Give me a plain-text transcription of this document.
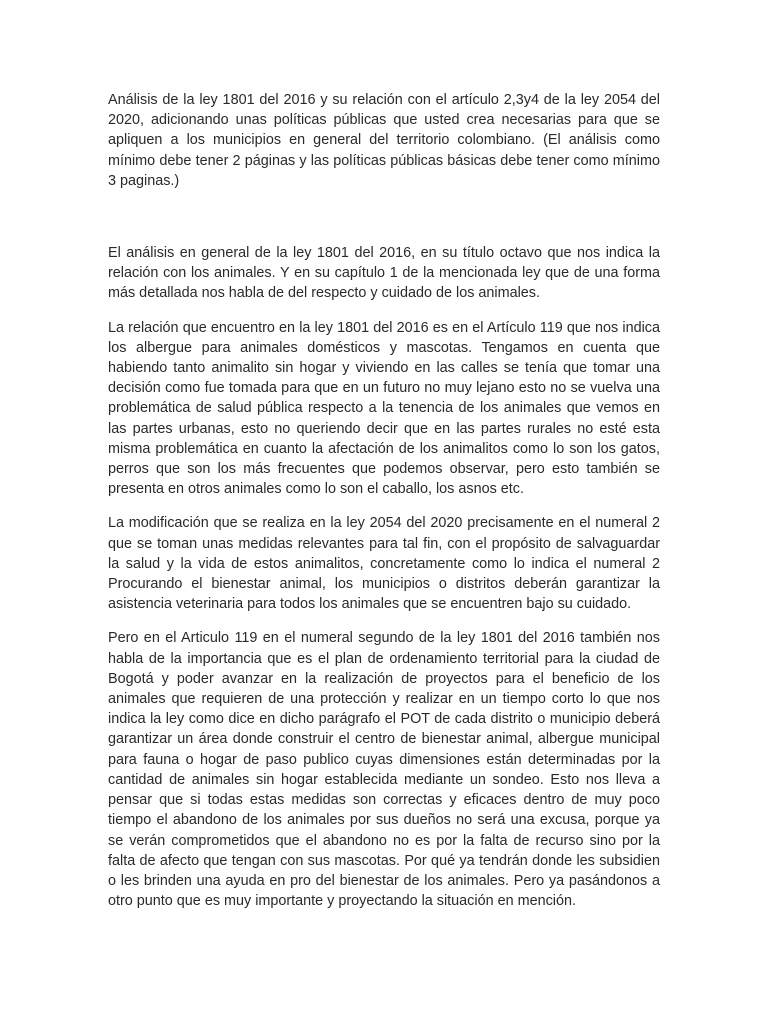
Análisis de la ley 1801 del 2016 y su relación con el artículo 2,3y4 de la ley 2054 del 2020, adicionando unas políticas públicas que usted crea necesarias para que se apliquen a los municipios en general del territorio colombiano. (El análisis como mínimo debe tener 2 páginas y las políticas públicas básicas debe tener como mínimo 3 paginas.)

El análisis en general de la ley 1801 del 2016, en su título octavo que nos indica la relación con los animales. Y en su capítulo 1 de la mencionada ley que de una forma más detallada nos habla de del respecto y cuidado de los animales.

La relación que encuentro en la ley 1801 del 2016 es en el Artículo 119 que nos indica los albergue para animales domésticos y mascotas. Tengamos en cuenta que habiendo tanto animalito sin hogar y viviendo en las calles se tenía que tomar una decisión como fue tomada para que en un futuro no muy lejano esto no se vuelva una problemática de salud pública respecto a la tenencia de los animales que vemos en las partes urbanas, esto no queriendo decir que en las partes rurales no esté esta misma problemática en cuanto la afectación de los animalitos como lo son los gatos, perros que son los más frecuentes que podemos observar, pero esto también se presenta en otros animales como lo son el caballo, los asnos etc.

La modificación que se realiza en la ley 2054 del 2020 precisamente en el numeral 2 que se toman unas medidas relevantes para tal fin, con el propósito de salvaguardar la salud y la vida de estos animalitos, concretamente como lo indica el numeral 2 Procurando el bienestar animal, los municipios o distritos deberán garantizar la asistencia veterinaria para todos los animales que se encuentren bajo su cuidado.

Pero en el Articulo 119 en el numeral segundo de la ley 1801 del 2016 también nos habla de la importancia que es el plan de ordenamiento territorial para la ciudad de Bogotá y poder avanzar en la realización de proyectos para el beneficio de los animales que requieren de una protección y realizar en un tiempo corto lo que nos indica la ley como dice en dicho parágrafo el POT de cada distrito o municipio deberá garantizar un área donde construir el centro de bienestar animal, albergue municipal para fauna o hogar de paso publico cuyas dimensiones están determinadas por la cantidad de animales sin hogar establecida mediante un sondeo. Esto nos lleva a pensar que si todas estas medidas son correctas y eficaces dentro de muy poco tiempo el abandono de los animales por sus dueños no será una excusa, porque ya se verán comprometidos que el abandono no es por la falta de recurso sino por la falta de afecto que tengan con sus mascotas. Por qué ya tendrán donde les subsidien o les brinden una ayuda en pro del bienestar de los animales. Pero ya pasándonos a otro punto que es muy importante y proyectando la situación en mención.
